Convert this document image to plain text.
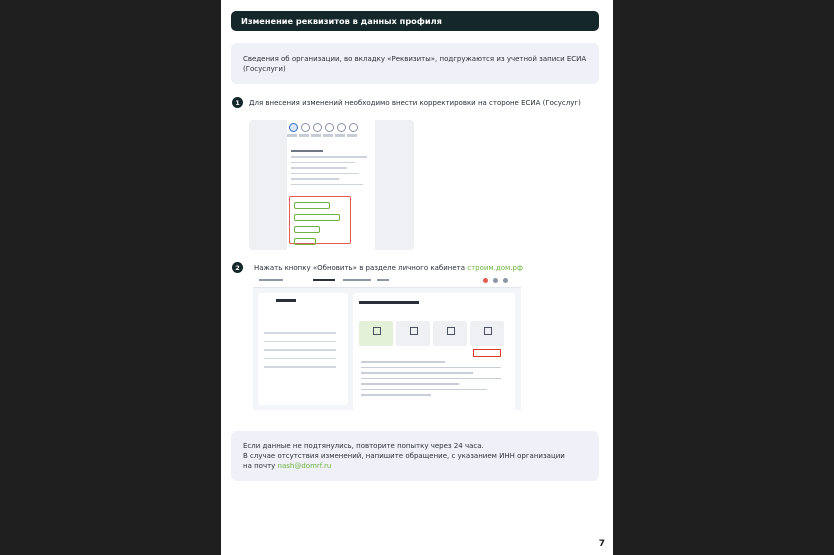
Изменение реквизитов в данных профиля
Сведения об организации, во вкладку «Реквизиты», подгружаются из учетной записи ЕСИА (Госуслуги)
1	Для внесения изменений необходимо внести корректировки на стороне ЕСИА (Госуслуг)
2	Нажать кнопку «Обновить» в разделе личного кабинета строим.дом.рф
Если данные не подтянулись, повторите попытку через 24 часа.
В случае отсутствия изменений, напишите обращение, с указанием ИНН организации
на почту nash@domrf.ru
7
